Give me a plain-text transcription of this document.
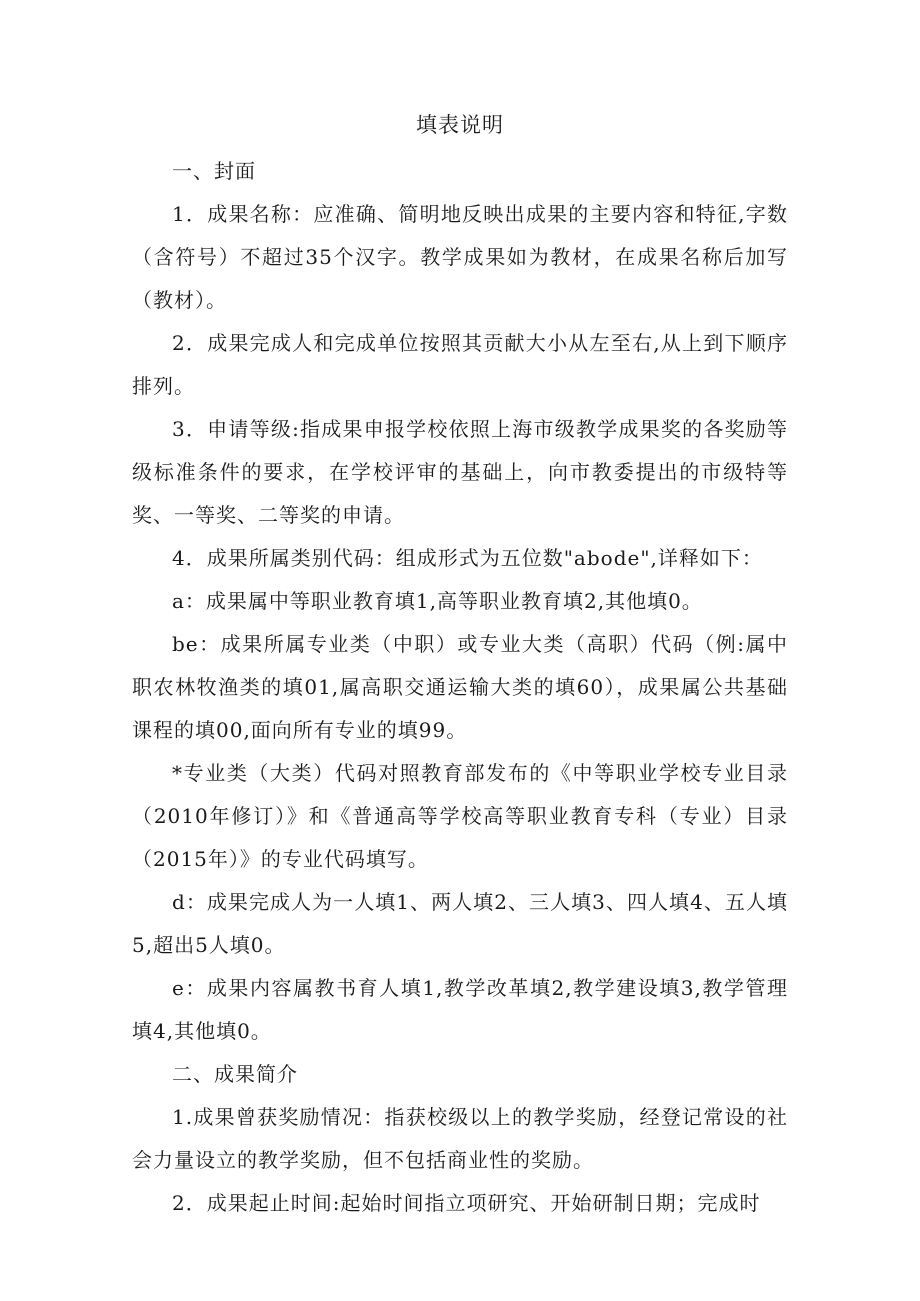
填表说明

一、封面

1．成果名称：应准确、简明地反映出成果的主要内容和特征,字数（含符号）不超过35个汉字。教学成果如为教材，在成果名称后加写（教材）。

2．成果完成人和完成单位按照其贡献大小从左至右,从上到下顺序排列。

3．申请等级:指成果申报学校依照上海市级教学成果奖的各奖励等级标准条件的要求，在学校评审的基础上，向市教委提出的市级特等奖、一等奖、二等奖的申请。

4．成果所属类别代码：组成形式为五位数"abode",详释如下：

a：成果属中等职业教育填1,高等职业教育填2,其他填0。

be：成果所属专业类（中职）或专业大类（高职）代码（例:属中职农林牧渔类的填01,属高职交通运输大类的填60），成果属公共基础课程的填00,面向所有专业的填99。

*专业类（大类）代码对照教育部发布的《中等职业学校专业目录（2010年修订）》和《普通高等学校高等职业教育专科（专业）目录（2015年）》的专业代码填写。

d：成果完成人为一人填1、两人填2、三人填3、四人填4、五人填5,超出5人填0。

e：成果内容属教书育人填1,教学改革填2,教学建设填3,教学管理填4,其他填0。

二、成果简介

1.成果曾获奖励情况：指获校级以上的教学奖励，经登记常设的社会力量设立的教学奖励，但不包括商业性的奖励。

2．成果起止时间:起始时间指立项研究、开始研制日期；完成时
